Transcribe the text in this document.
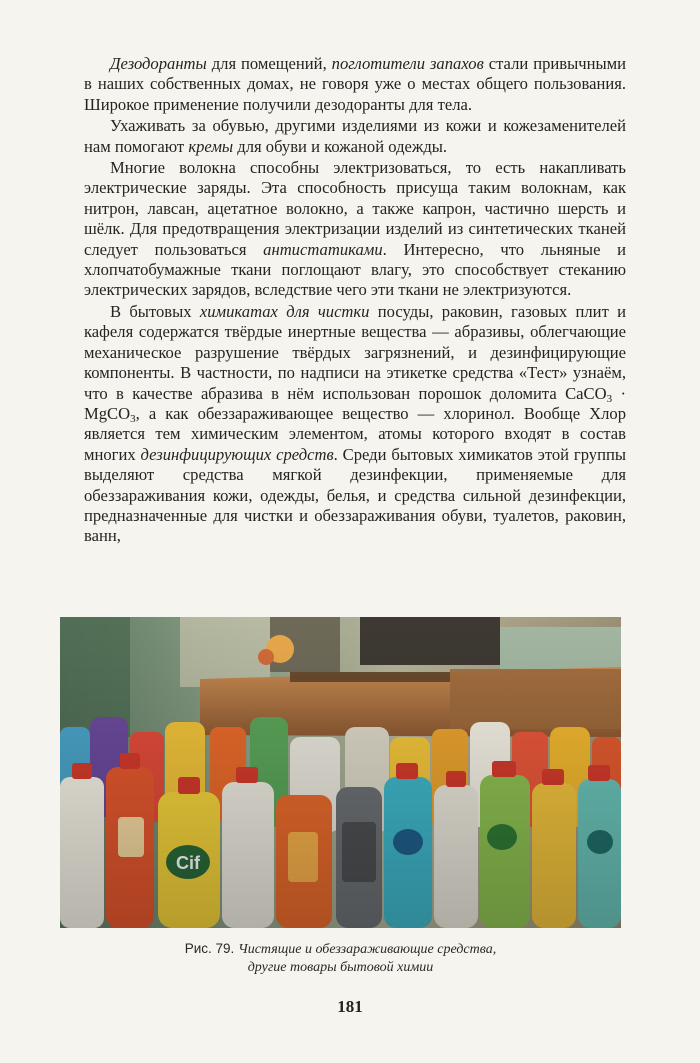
Дезодоранты для помещений, поглотители запахов стали привычными в наших собственных домах, не говоря уже о местах общего пользования. Широкое применение получили дезодоранты для тела.

Ухаживать за обувью, другими изделиями из кожи и кожезаменителей нам помогают кремы для обуви и кожаной одежды.

Многие волокна способны электризоваться, то есть накапливать электрические заряды. Эта способность присуща таким волокнам, как нитрон, лавсан, ацетатное волокно, а также капрон, частично шерсть и шёлк. Для предотвращения электризации изделий из синтетических тканей следует пользоваться антистатиками. Интересно, что льняные и хлопчатобумажные ткани поглощают влагу, это способствует стеканию электрических зарядов, вследствие чего эти ткани не электризуются.

В бытовых химикатах для чистки посуды, раковин, газовых плит и кафеля содержатся твёрдые инертные вещества — абразивы, облегчающие механическое разрушение твёрдых загрязнений, и дезинфицирующие компоненты. В частности, по надписи на этикетке средства «Тест» узнаём, что в качестве абразива в нём использован порошок доломита CaCO$_3$ · MgCO$_3$, а как обеззараживающее вещество — хлоринол. Вообще Хлор является тем химическим элементом, атомы которого входят в состав многих дезинфицирующих средств. Среди бытовых химикатов этой группы выделяют средства мягкой дезинфекции, применяемые для обеззараживания кожи, одежды, белья, и средства сильной дезинфекции, предназначенные для чистки и обеззараживания обуви, туалетов, раковин, ванн,

Рис. 79. Чистящие и обеззараживающие средства,
другие товары бытовой химии
181
